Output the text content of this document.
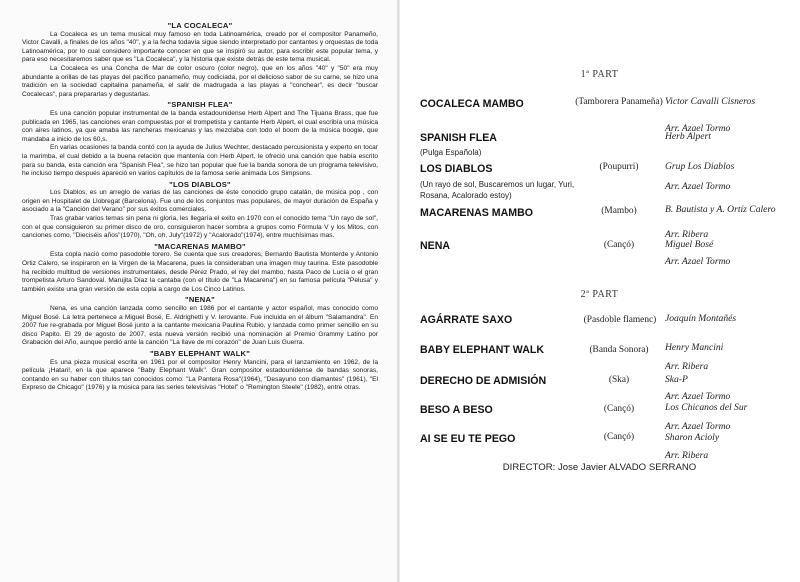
"LA COCALECA"

La Cocaleca es un tema musical muy famoso en toda Latinoamérica, creado por el compositor Panameño, Victor Cavalli, a finales de los años "40", y a la fecha todavía sigue siendo interpretado por cantantes y orquestas de toda Latinoamérica, por lo cual considero importante conocer en que se inspiró su autor, para escribir este popular tema, y para eso necesitaremos saber que es "La Cocaleca", y la historia que existe detrás de este tema musical.

La Cocaleca es una Concha de Mar de color oscuro (color negro), que en los años "40" y "50" era muy abundante a orillas de las playas del pacífico panameño, muy codiciada, por el delicioso sabor de su carne, se hizo una tradición en la sociedad capitalina panameña, el salir de madrugada a las playas a "conchear", es decir "buscar Cocalecas", para prepararlas y degustarlas.

"SPANISH FLEA"

Es una canción popular instrumental de la banda estadounidense Herb Alpert and The Tijuana Brass, que fue publicada en 1965, las canciones eran compuestas por el trompetista y cantante Herb Alpert, el cual escribía una música con aires latinos, ya que amaba las rancheras mexicanas y las mezclaba con todo el boom de la música boogie, que mandaba a inicio de los 60,s.

En varias ocasiones la banda contó con la ayuda de Julius Wechter, destacado percusionista y experto en tocar la marimba, el cual debido a la buena relación que mantenía con Herb Alpert, le ofreció una canción que había escrito para su banda, esta canción era "Spanish Flea", se hizo tan popular que fue la banda sonora de un programa televisivo, he incluso tiempo después apareció en varios capítulos de la famosa serie animada Los Simpsons.

"LOS DIABLOS"

Los Diablos, es un arreglo de varias de las canciones de éste conocido grupo catalán, de música pop , con origen en Hospitalet de Llobregat (Barcelona). Fue uno de los conjuntos mas populares, de mayor duración de España y asociado a la "Canción del Verano" por sus éxitos comerciales.

Tras grabar varios temas sin pena ni gloria, les llegaría el exito en 1970 con el conocido tema "Un rayo de sol", con el que consiguieron su primer disco de oro, consiguieron hacer sombra a grupos como Fórmula V y los Mitos, con canciones como, "Dieciséis años"(1970), "Oh, oh, July"(1972) y "Acalorado"(1974), entre muchísimas mas.

"MACARENAS MAMBO"

Esta copla nació como pasodoble torero. Se cuenta que sus creadores, Bernardo Bautista Monterde y Antonio Ortiz Calero, se inspiraron en la Virgen de la Macarena, pues la consideraban una imagen muy taurina. Este pasodoble ha recibido multitud de versiones instrumentales, desde Pérez Prado, el rey del mambo, hasta Paco de Lucía o el gran trompetista Arturo Sandoval. Marujita Díaz la cantaba (con el título de "La Macarena") en su famosa película "Pelusa" y también existe una gran versión de esta copla a cargo de Los Cinco Latinos.

"NENA"

Nena, es una canción lanzada como sencillo en 1986 por el cantante y actor español, mas conocido como Miguel Bosé. La letra pertenece a Miguel Bosé, E. Aldrighetti y V. Ierovante. Fue incluida en el álbum "Salamandra". En 2007 fue re-grabada por Miguel Bosé junto a la cantante mexicana Paulina Rubio, y lanzada como primer sencillo en su disco Papito. El 29 de agosto de 2007, esta nueva versión recibió una nominación al Premio Grammy Latino por Grabación del Año, aunque perdió ante la canción "La llave de mi corazón" de Juan Luis Guerra.

"BABY ELEPHANT WALK"

Es una pieza musical escrita en 1961 por el compositor Henry Mancini, para el lanzamiento en 1962, de la película ¡Hatari!, en la que aparece "Baby Elephant Walk". Gran compositor estadounidense de bandas sonoras, contando en su haber con títulos tan conocidos como: "La Pantera Rosa"(1964), "Desayuno con diamantes" (1961), "El Expreso de Chicago" (1976) y la música para las series televisivas "Hotel" o "Remington Steele" (1982), entre otras.

1ª PART
COCALECA MAMBO	(Tamborera Panameña) Victor Cavalli Cisneros
Arr. Azael Tormo
SPANISH FLEA	Herb Alpert
(Pulga Española)
LOS DIABLOS	(Poupurri)	Grup Los Diablos
(Un rayo de sol, Buscaremos un lugar, Yuri, Rosana, Acalorado estoy)
Arr. Azael Tormo
MACARENAS MAMBO	(Mambo)	B. Bautista y A. Ortíz Calero
Arr. Ribera
NENA	(Cançó)	Miguel Bosé
Arr. Azael Tormo
2ª PART
AGÁRRATE SAXO	(Pasdoble flamenc) Joaquín Montañés
BABY ELEPHANT WALK	(Banda Sonora)	Henry Mancini
Arr. Ribera
DERECHO DE ADMISIÓN	(Ska)	Ska-P
Arr. Azael Tormo
BESO A BESO	(Cançó)	Los Chicanos del Sur
Arr. Azael Tormo
AI SE EU TE PEGO	(Cançó)	Sharon Acioly
Arr. Ribera
DIRECTOR: Jose Javier ALVADO SERRANO
